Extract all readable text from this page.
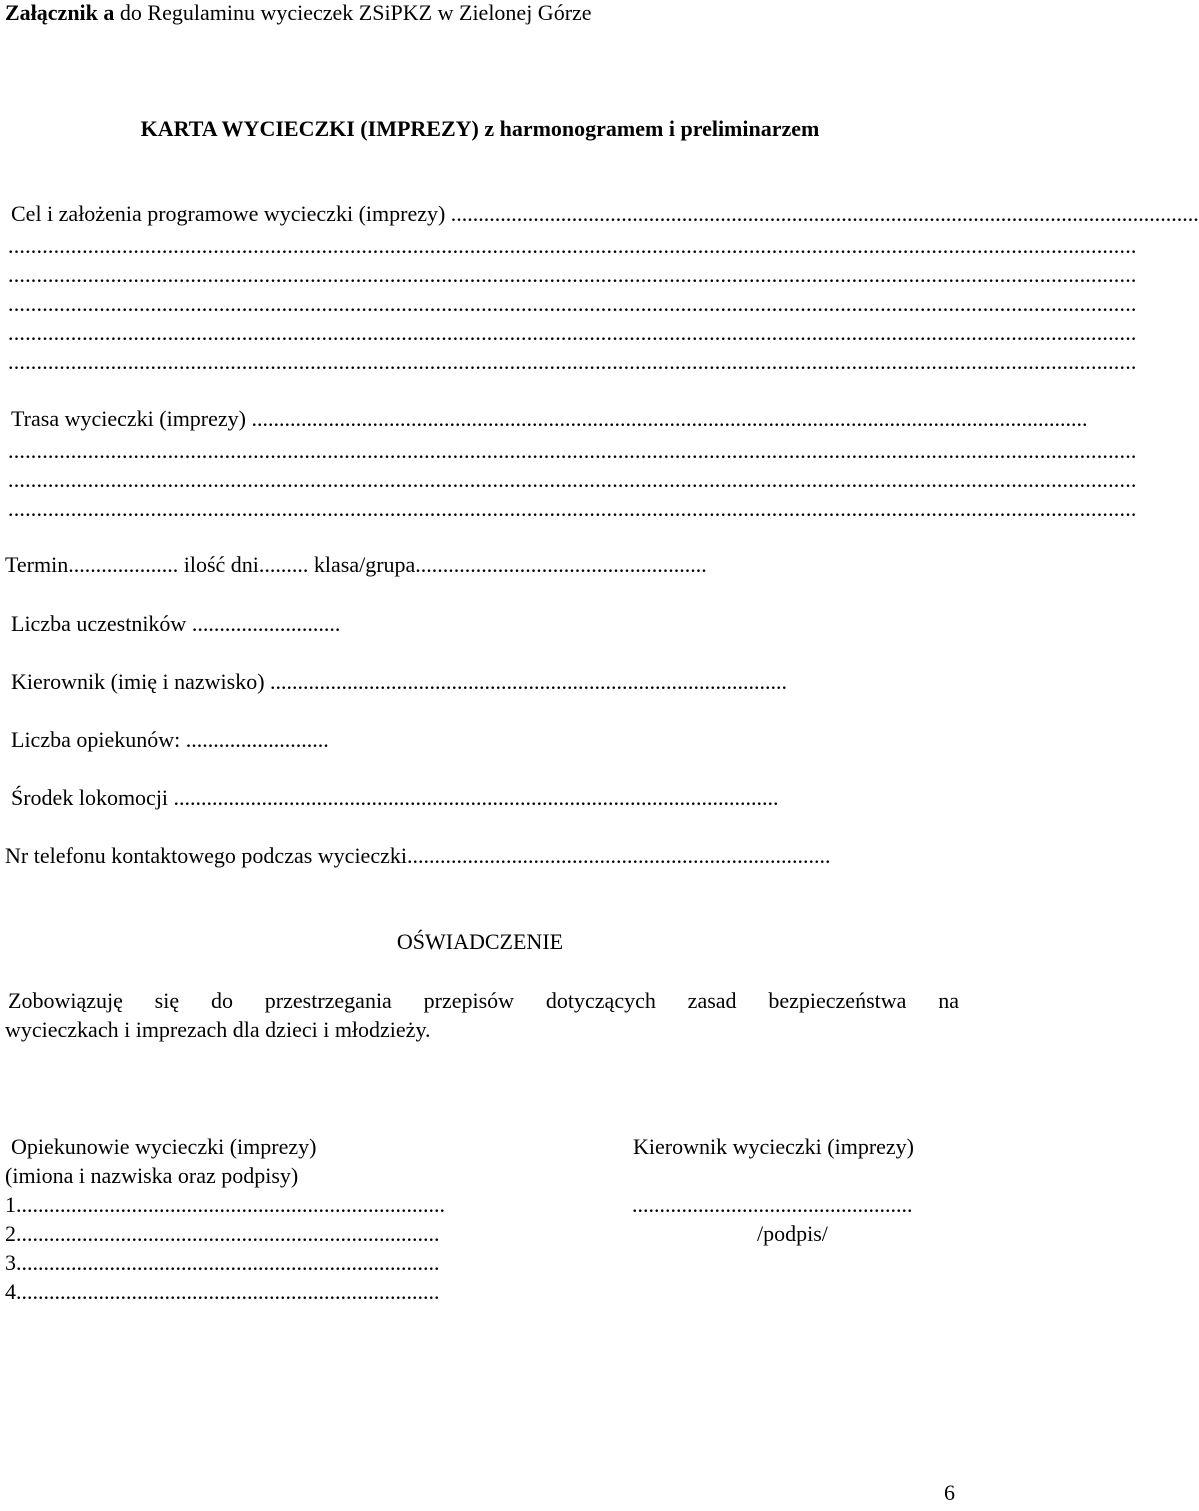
Załącznik a do Regulaminu wycieczek ZSiPKZ w Zielonej Górze
KARTA WYCIECZKI (IMPREZY) z harmonogramem i preliminarzem
Cel i założenia programowe wycieczki (imprezy) ........................................................................................................................................
......................................................................................................................................................................................................
......................................................................................................................................................................................................
......................................................................................................................................................................................................
......................................................................................................................................................................................................
......................................................................................................................................................................................................
Trasa wycieczki (imprezy) ........................................................................................................................................................
......................................................................................................................................................................................................
......................................................................................................................................................................................................
......................................................................................................................................................................................................
Termin.................... ilość dni......... klasa/grupa.....................................................
Liczba uczestników ...........................
Kierownik (imię i nazwisko) ..............................................................................................
Liczba opiekunów: ..........................
Środek lokomocji ..............................................................................................................
Nr telefonu kontaktowego podczas wycieczki.............................................................................
OŚWIADCZENIE
Zobowiązuję się do przestrzegania przepisów dotyczących zasad bezpieczeństwa na
wycieczkach i imprezach dla dzieci i młodzieży.
Opiekunowie wycieczki (imprezy)
(imiona i nazwiska oraz podpisy)
1..............................................................................
2.............................................................................
3.............................................................................
4.............................................................................
Kierownik wycieczki (imprezy)
...................................................
/podpis/
6
